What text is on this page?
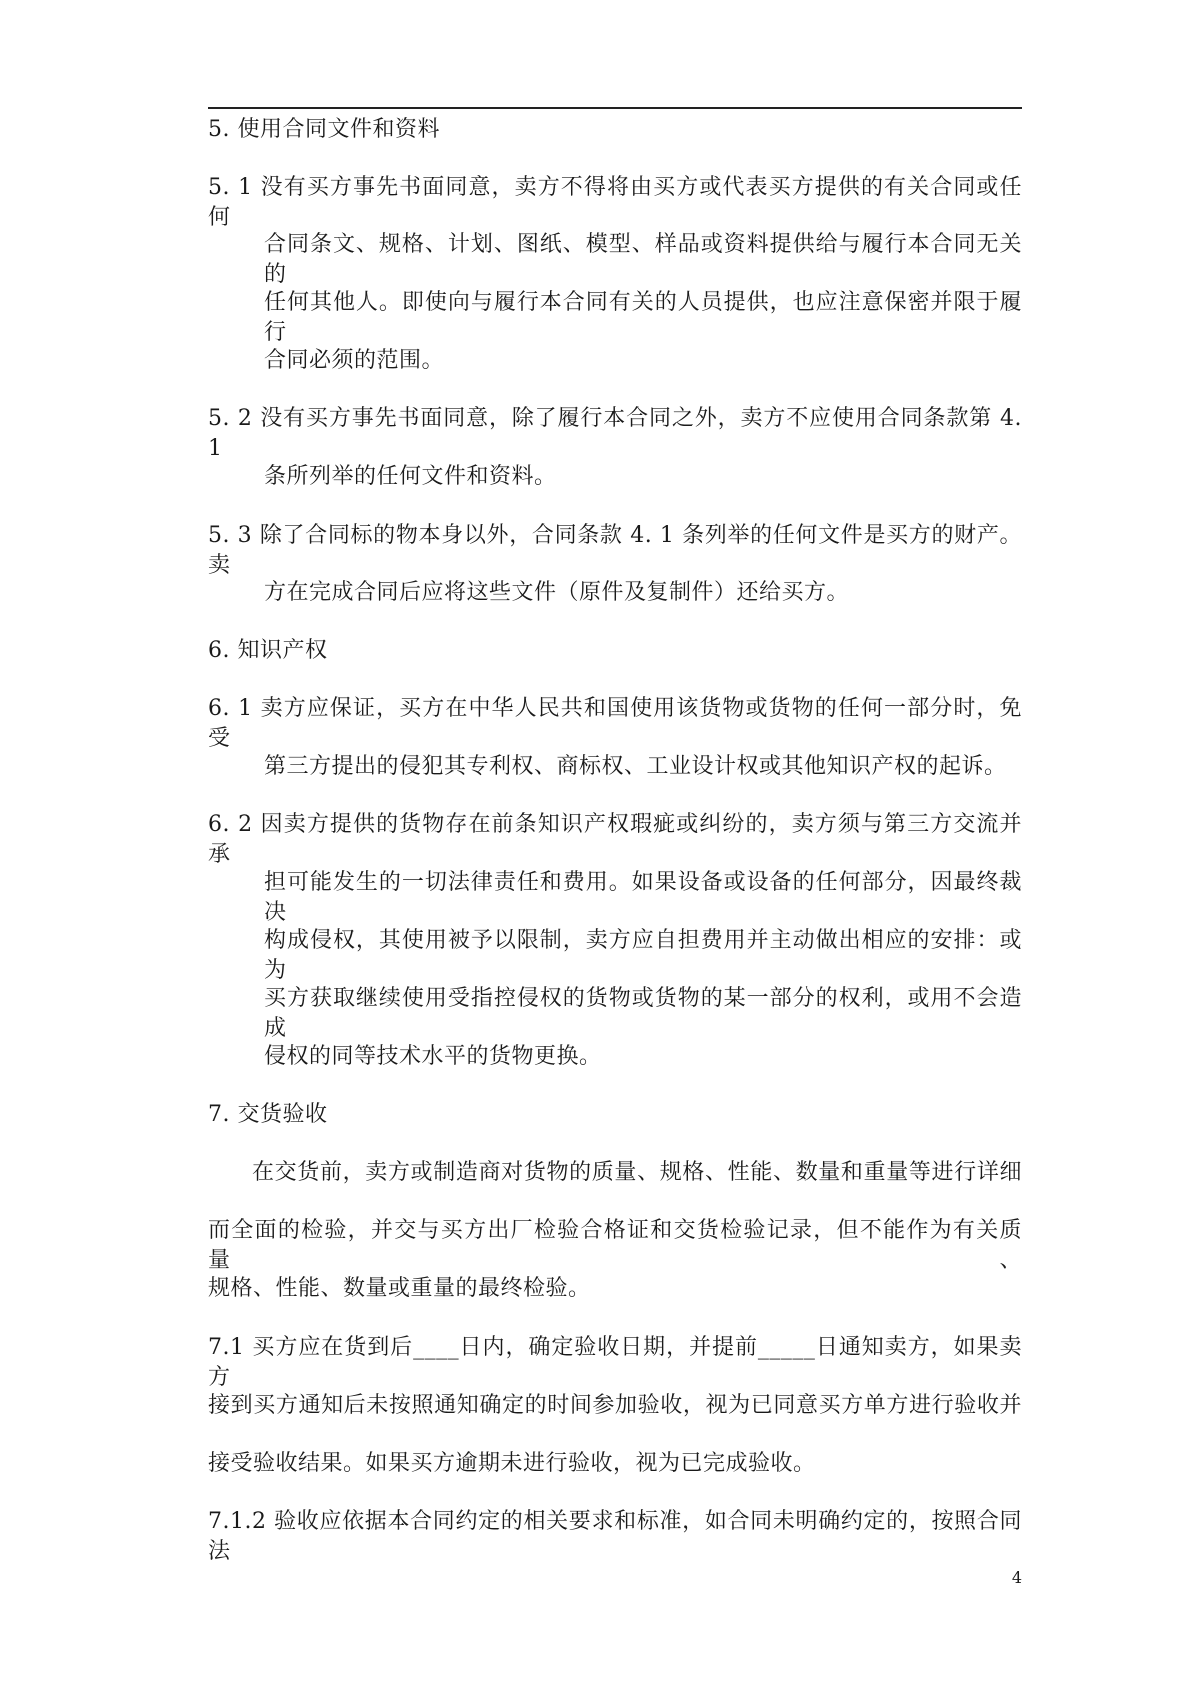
5. 使用合同文件和资料
5. 1 没有买方事先书面同意，卖方不得将由买方或代表买方提供的有关合同或任何
合同条文、规格、计划、图纸、模型、样品或资料提供给与履行本合同无关的
任何其他人。即使向与履行本合同有关的人员提供，也应注意保密并限于履行
合同必须的范围。
5. 2 没有买方事先书面同意，除了履行本合同之外，卖方不应使用合同条款第 4. 1
条所列举的任何文件和资料。
5. 3 除了合同标的物本身以外，合同条款 4. 1 条列举的任何文件是买方的财产。卖
方在完成合同后应将这些文件（原件及复制件）还给买方。
6. 知识产权
6. 1 卖方应保证，买方在中华人民共和国使用该货物或货物的任何一部分时，免受
第三方提出的侵犯其专利权、商标权、工业设计权或其他知识产权的起诉。
6. 2 因卖方提供的货物存在前条知识产权瑕疵或纠纷的，卖方须与第三方交流并承
担可能发生的一切法律责任和费用。如果设备或设备的任何部分，因最终裁决
构成侵权，其使用被予以限制，卖方应自担费用并主动做出相应的安排：或为
买方获取继续使用受指控侵权的货物或货物的某一部分的权利，或用不会造成
侵权的同等技术水平的货物更换。
7. 交货验收
在交货前，卖方或制造商对货物的质量、规格、性能、数量和重量等进行详细
而全面的检验，并交与买方出厂检验合格证和交货检验记录，但不能作为有关质量、
规格、性能、数量或重量的最终检验。
7.1 买方应在货到后____日内，确定验收日期，并提前_____日通知卖方，如果卖方
接到买方通知后未按照通知确定的时间参加验收，视为已同意买方单方进行验收并
接受验收结果。如果买方逾期未进行验收，视为已完成验收。
7.1.2 验收应依据本合同约定的相关要求和标准，如合同未明确约定的，按照合同法
4
